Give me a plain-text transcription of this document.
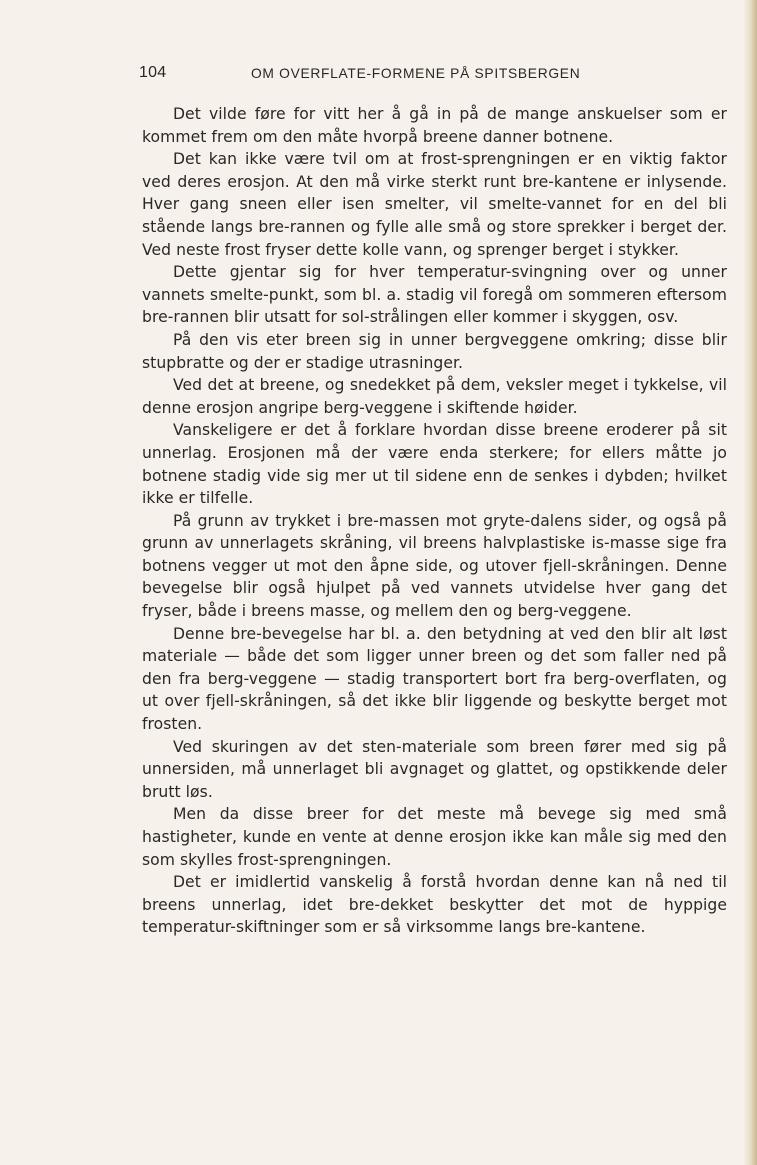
104	OM OVERFLATE-FORMENE PÅ SPITSBERGEN

Det vilde føre for vitt her å gå in på de mange anskuelser som er kommet frem om den måte hvorpå breene danner botnene.

Det kan ikke være tvil om at frost-sprengningen er en viktig faktor ved deres erosjon. At den må virke sterkt runt bre-kantene er inlysende. Hver gang sneen eller isen smelter, vil smelte-vannet for en del bli stående langs bre-rannen og fylle alle små og store sprekker i berget der. Ved neste frost fryser dette kolle vann, og sprenger berget i stykker.

Dette gjentar sig for hver temperatur-svingning over og unner vannets smelte-punkt, som bl. a. stadig vil foregå om sommeren eftersom bre-rannen blir utsatt for sol-strålingen eller kommer i skyggen, osv.

På den vis eter breen sig in unner bergveggene omkring; disse blir stupbratte og der er stadige utrasninger.

Ved det at breene, og snedekket på dem, veksler meget i tykkelse, vil denne erosjon angripe berg-veggene i skiftende høider.

Vanskeligere er det å forklare hvordan disse breene eroderer på sit unnerlag. Erosjonen må der være enda sterkere; for ellers måtte jo botnene stadig vide sig mer ut til sidene enn de senkes i dybden; hvilket ikke er tilfelle.

På grunn av trykket i bre-massen mot gryte-dalens sider, og også på grunn av unnerlagets skråning, vil breens halvplastiske is-masse sige fra botnens vegger ut mot den åpne side, og utover fjell-skråningen. Denne bevegelse blir også hjulpet på ved vannets utvidelse hver gang det fryser, både i breens masse, og mellem den og berg-veggene.

Denne bre-bevegelse har bl. a. den betydning at ved den blir alt løst materiale — både det som ligger unner breen og det som faller ned på den fra berg-veggene — stadig transportert bort fra berg-overflaten, og ut over fjell-skråningen, så det ikke blir liggende og beskytte berget mot frosten.

Ved skuringen av det sten-materiale som breen fører med sig på unnersiden, må unnerlaget bli avgnaget og glattet, og opstikkende deler brutt løs.

Men da disse breer for det meste må bevege sig med små hastigheter, kunde en vente at denne erosjon ikke kan måle sig med den som skylles frost-sprengningen.

Det er imidlertid vanskelig å forstå hvordan denne kan nå ned til breens unnerlag, idet bre-dekket beskytter det mot de hyppige temperatur-skiftninger som er så virksomme langs bre-kantene.
